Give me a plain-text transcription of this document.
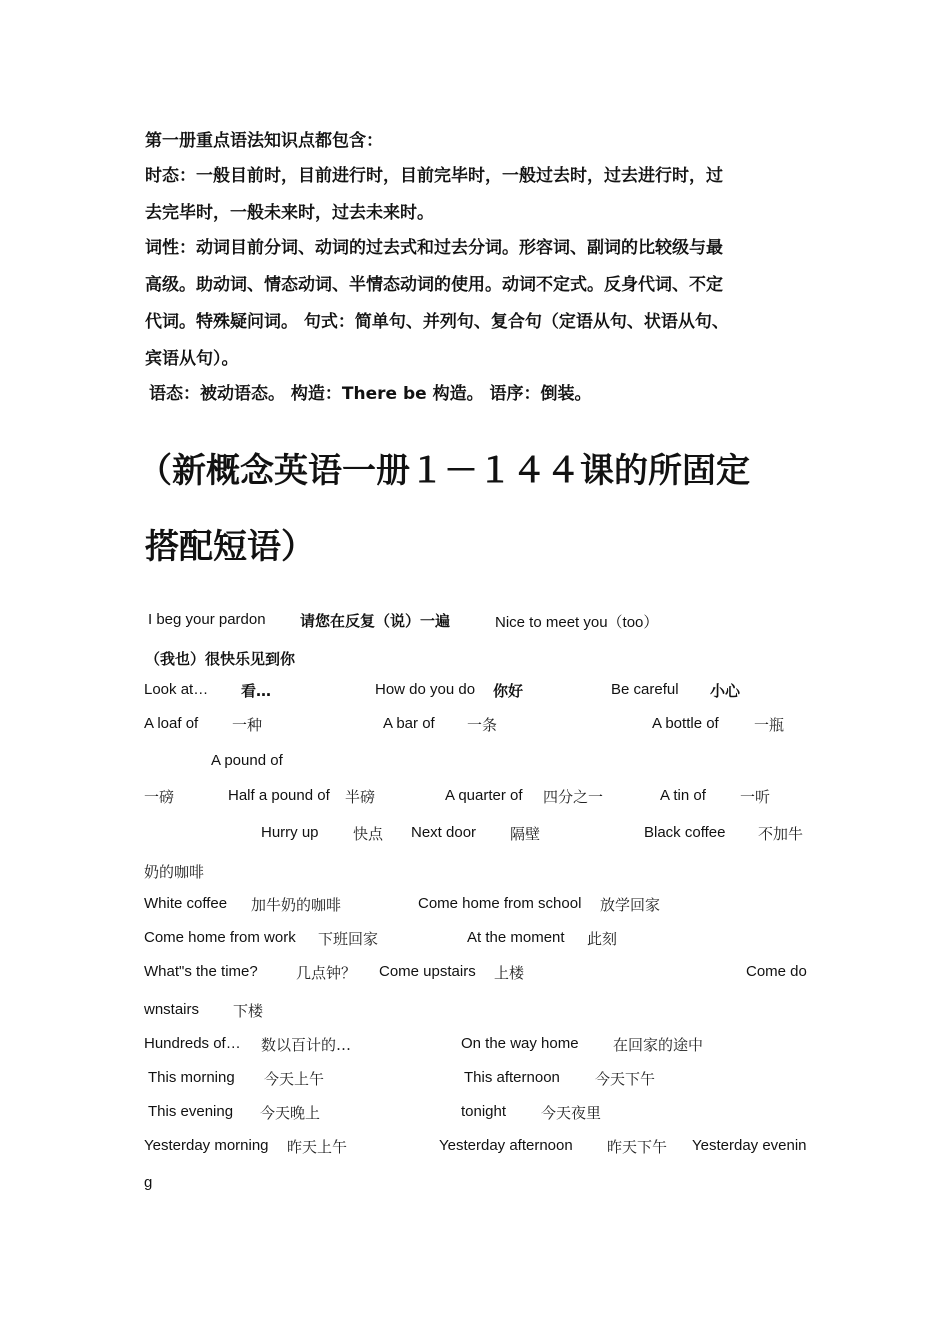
第一册重点语法知识点都包含：
时态：一般目前时，目前进行时，目前完毕时，一般过去时，过去进行时，过
去完毕时，一般未来时，过去未来时。
词性：动词目前分词、动词的过去式和过去分词。形容词、副词的比较级与最
高级。助动词、情态动词、半情态动词的使用。动词不定式。反身代词、不定
代词。特殊疑问词。 句式：简单句、并列句、复合句（定语从句、状语从句、
宾语从句）。
语态：被动语态。 构造：There be 构造。 语序：倒装。
（新概念英语一册１－１４４课的所固定
搭配短语）
I beg your pardon 请您在反复（说）一遍	Nice to meet you（too）
（我也）很快乐见到你
Look at… 看…	How do you do 你好	Be careful 小心
A loaf of 一种	A bar of 一条	A bottle of 一瓶
A pound of
一磅	Half a pound of 半磅	A quarter of 四分之一	A tin of 一听
Hurry up 快点 Next door 隔壁	Black coffee 不加牛
奶的咖啡
White coffee 加牛奶的咖啡	Come home from school 放学回家
Come home from work 下班回家	At the moment 此刻
What"s the time?	几点钟？ Come upstairs 上楼	Come do
wnstairs 下楼
Hundreds of… 数以百计的…	On the way home 在回家的途中
This morning 今天上午	This afternoon 今天下午
This evening 今天晚上	tonight 今天夜里
Yesterday morning 昨天上午	Yesterday afternoon 昨天下午 Yesterday evenin
g
